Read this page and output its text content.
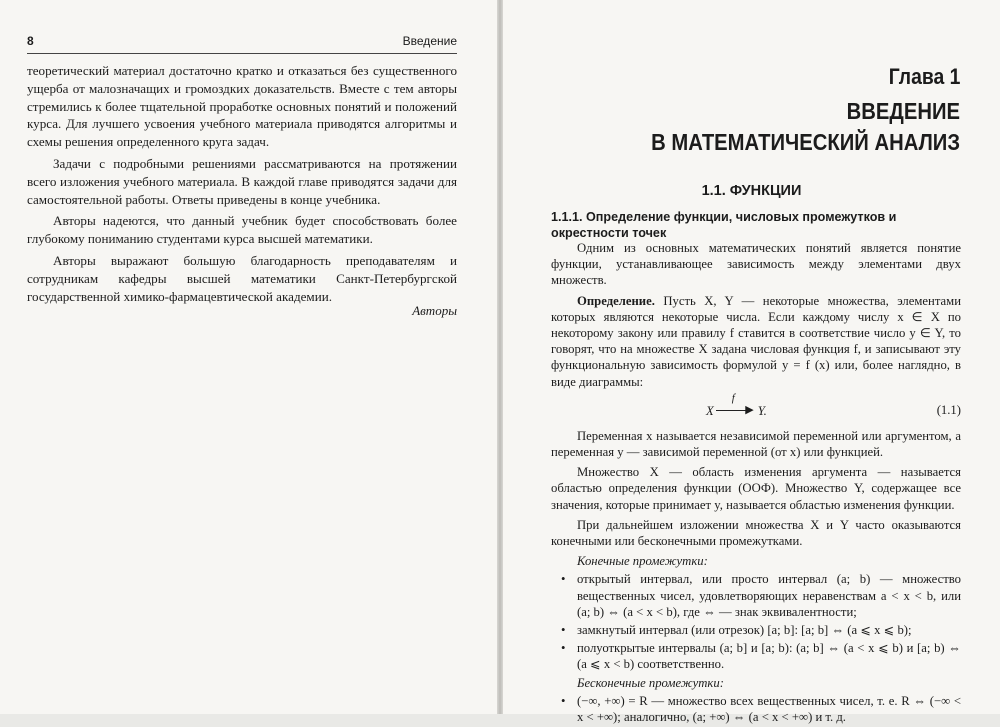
8	Введение

теоретический материал достаточно кратко и отказаться без существенного ущерба от малозначащих и громоздких доказательств. Вместе с тем авторы стремились к более тщательной проработке основных понятий и положений курса. Для лучшего усвоения учебного материала приводятся алгоритмы и схемы решения определенного круга задач.

Задачи с подробными решениями рассматриваются на протяжении всего изложения учебного материала. В каждой главе приводятся задачи для самостоятельной работы. Ответы приведены в конце учебника.

Авторы надеются, что данный учебник будет способствовать более глубокому пониманию студентами курса высшей математики.

Авторы выражают большую благодарность преподавателям и сотрудникам кафедры высшей математики Санкт-Петербургской государственной химико-фармацевтической академии.

Авторы
Глава 1
ВВЕДЕНИЕ
В МАТЕМАТИЧЕСКИЙ АНАЛИЗ
1.1. ФУНКЦИИ
1.1.1. Определение функции, числовых промежутков и окрестности точек

Одним из основных математических понятий является понятие функции, устанавливающее зависимость между элементами двух множеств.

Определение. Пусть X, Y — некоторые множества, элементами которых являются некоторые числа. Если каждому числу x ∈ X по некоторому закону или правилу f ставится в соответствие число y ∈ Y, то говорят, что на множестве X задана числовая функция f, и записывают эту функциональную зависимость формулой y = f (x) или, более наглядно, в виде диаграммы:

X
f
▶ Y.	(1.1)

Переменная x называется независимой переменной или аргументом, а переменная y — зависимой переменной (от x) или функцией.

Множество X — область изменения аргумента — называется областью определения функции (ООФ). Множество Y, содержащее все значения, которые принимает y, называется областью изменения функции.

При дальнейшем изложении множества X и Y часто оказываются конечными или бесконечными промежутками.

Конечные промежутки:
• открытый интервал, или просто интервал (a; b) — множество вещественных чисел, удовлетворяющих неравенствам a < x < b, или (a; b) ⇔ (a < x < b), где ⇔ — знак эквивалентности;
• замкнутый интервал (или отрезок) [a; b]: [a; b] ⇔ (a ⩽ x ⩽ b);
• полуоткрытые интервалы (a; b] и [a; b): (a; b] ⇔ (a < x ⩽ b) и [a; b) ⇔ (a ⩽ x < b) соответственно.
Бесконечные промежутки:
• (−∞, +∞) = R — множество всех вещественных чисел, т. е. R ⇔ (−∞ < x < +∞); аналогично, (a; +∞) ⇔ (a < x < +∞) и т. д.
